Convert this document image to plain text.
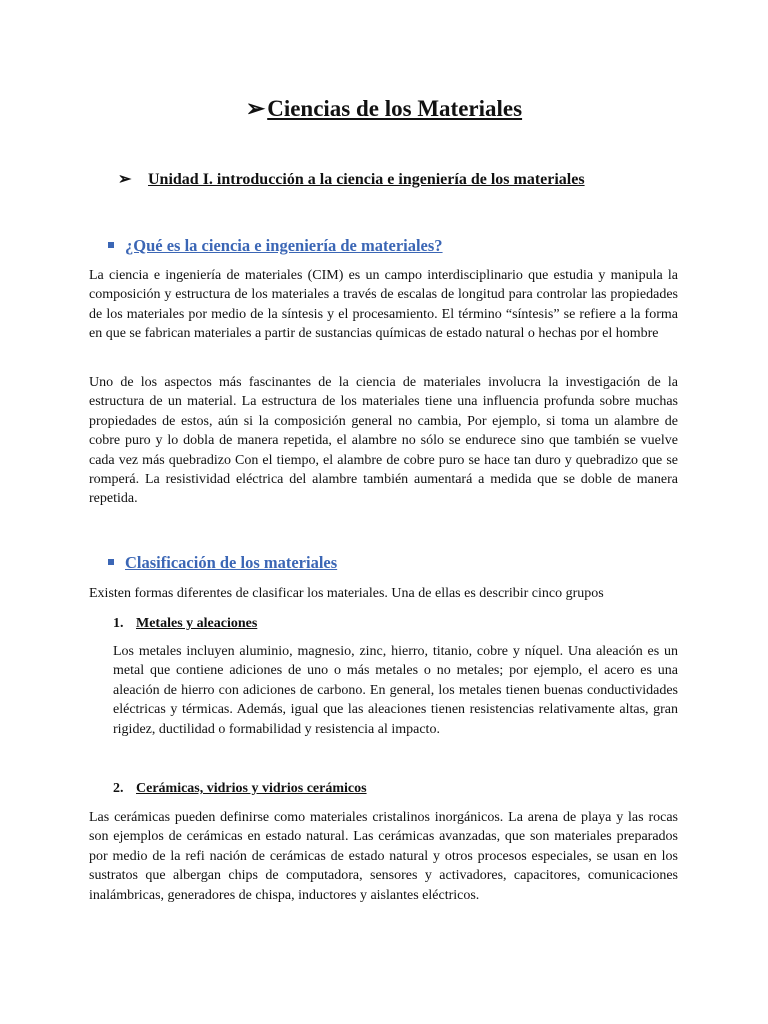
➢Ciencias de los Materiales
➢ Unidad I. introducción a la ciencia e ingeniería de los materiales
¿Qué es la ciencia e ingeniería de materiales?
La ciencia e ingeniería de materiales (CIM) es un campo interdisciplinario que estudia y manipula la composición y estructura de los materiales a través de escalas de longitud para controlar las propiedades de los materiales por medio de la síntesis y el procesamiento. El término “síntesis” se refiere a la forma en que se fabrican materiales a partir de sustancias químicas de estado natural o hechas por el hombre
Uno de los aspectos más fascinantes de la ciencia de materiales involucra la investigación de la estructura de un material. La estructura de los materiales tiene una influencia profunda sobre muchas propiedades de estos, aún si la composición general no cambia, Por ejemplo, si toma un alambre de cobre puro y lo dobla de manera repetida, el alambre no sólo se endurece sino que también se vuelve cada vez más quebradizo Con el tiempo, el alambre de cobre puro se hace tan duro y quebradizo que se romperá. La resistividad eléctrica del alambre también aumentará a medida que se doble de manera repetida.
Clasificación de los materiales
Existen formas diferentes de clasificar los materiales. Una de ellas es describir cinco grupos
1. Metales y aleaciones
Los metales incluyen aluminio, magnesio, zinc, hierro, titanio, cobre y níquel. Una aleación es un metal que contiene adiciones de uno o más metales o no metales; por ejemplo, el acero es una aleación de hierro con adiciones de carbono. En general, los metales tienen buenas conductividades eléctricas y térmicas. Además, igual que las aleaciones tienen resistencias relativamente altas, gran rigidez, ductilidad o formabilidad y resistencia al impacto.
2. Cerámicas, vidrios y vidrios cerámicos
Las cerámicas pueden definirse como materiales cristalinos inorgánicos. La arena de playa y las rocas son ejemplos de cerámicas en estado natural. Las cerámicas avanzadas, que son materiales preparados por medio de la refi nación de cerámicas de estado natural y otros procesos especiales, se usan en los sustratos que albergan chips de computadora, sensores y activadores, capacitores, comunicaciones inalámbricas, generadores de chispa, inductores y aislantes eléctricos.
